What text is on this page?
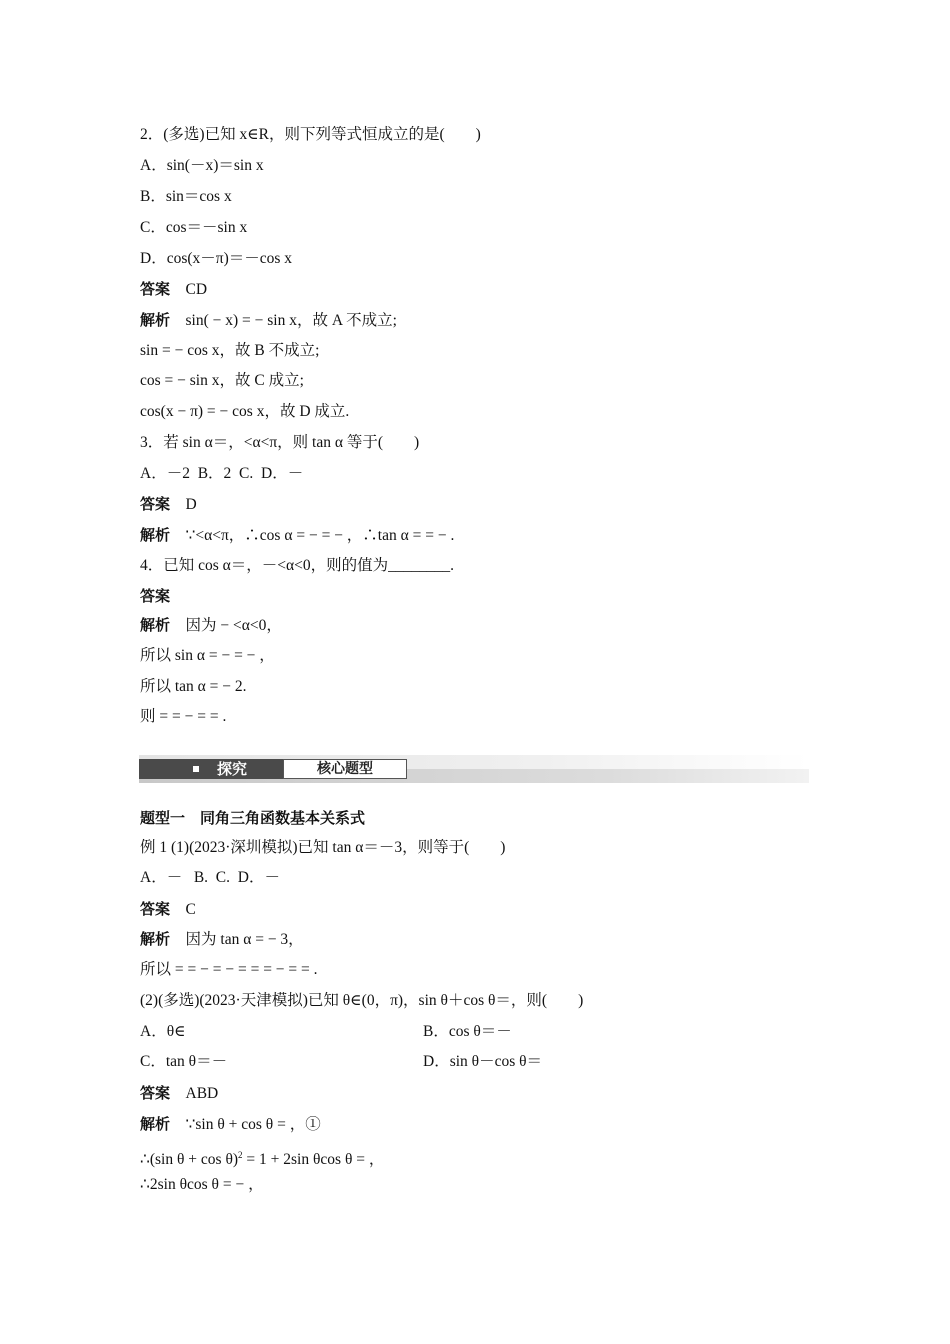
2．(多选)已知 x∈R，则下列等式恒成立的是(　　)
A．sin(－x)＝sin x
B．sin＝cos x
C．cos＝－sin x
D．cos(x－π)＝－cos x
答案 CD
解析 sin( − x) = − sin x，故 A 不成立;
sin = − cos x，故 B 不成立;
cos = − sin x，故 C 成立;
cos(x − π) = − cos x，故 D 成立.
3．若 sin α＝，<α<π，则 tan α 等于(　　)
A．－2  B．2  C.  D．－
答案 D
解析 ∵<α<π，∴cos α = − = − ，∴tan α = = − .
4．已知 cos α＝，－<α<0，则的值为________.
答案
解析 因为 − <α<0，
所以 sin α = − = − ，
所以 tan α = − 2.
则 = = − = = .
探究	核心题型
题型一　同角三角函数基本关系式
例 1 (1)(2023·深圳模拟)已知 tan α＝－3，则等于(　　)
A．－   B.  C.  D．－
答案 C
解析 因为 tan α = − 3，
所以 = = − = − = = = − = = .
(2)(多选)(2023·天津模拟)已知 θ∈(0，π)，sin θ＋cos θ＝，则(　　)
A．θ∈	B．cos θ＝－
C．tan θ＝－	D．sin θ－cos θ＝
答案 ABD
解析 ∵sin θ + cos θ = ，①
∴(sin θ + cos θ)$^2$ = 1 + 2sin θcos θ = ，
∴2sin θcos θ = − ，
